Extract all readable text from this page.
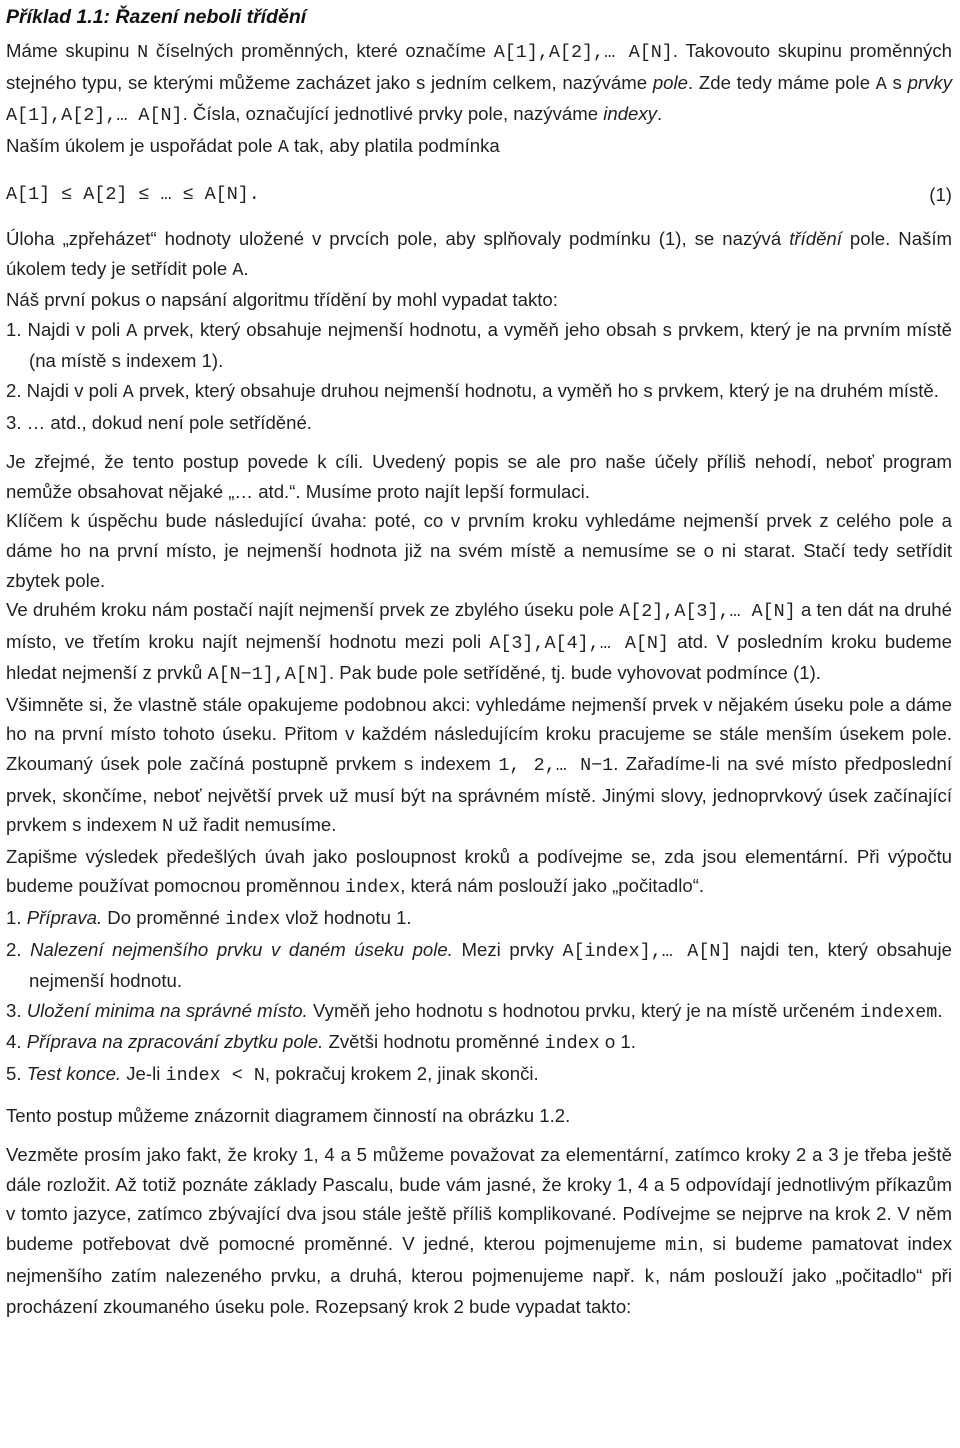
Příklad 1.1: Řazení neboli třídění

Máme skupinu N číselných proměnných, které označíme A[1],A[2],… A[N]. Takovouto skupinu proměnných stejného typu, se kterými můžeme zacházet jako s jedním celkem, nazýváme pole. Zde tedy máme pole A s prvky A[1],A[2],… A[N]. Čísla, označující jednotlivé prvky pole, nazýváme indexy.

Naším úkolem je uspořádat pole A tak, aby platila podmínka

A[1] ≤ A[2] ≤ … ≤ A[N].	(1)

Úloha „zpřeházet“ hodnoty uložené v prvcích pole, aby splňovaly podmínku (1), se nazývá třídění pole. Naším úkolem tedy je setřídit pole A.

Náš první pokus o napsání algoritmu třídění by mohl vypadat takto:

1. Najdi v poli A prvek, který obsahuje nejmenší hodnotu, a vyměň jeho obsah s prvkem, který je na prvním místě (na místě s indexem 1).
2. Najdi v poli A prvek, který obsahuje druhou nejmenší hodnotu, a vyměň ho s prvkem, který je na druhém místě.
3. … atd., dokud není pole setříděné.

Je zřejmé, že tento postup povede k cíli. Uvedený popis se ale pro naše účely příliš nehodí, neboť program nemůže obsahovat nějaké „… atd.“. Musíme proto najít lepší formulaci.

Klíčem k úspěchu bude následující úvaha: poté, co v prvním kroku vyhledáme nejmenší prvek z celého pole a dáme ho na první místo, je nejmenší hodnota již na svém místě a nemusíme se o ni starat. Stačí tedy setřídit zbytek pole.

Ve druhém kroku nám postačí najít nejmenší prvek ze zbylého úseku pole A[2],A[3],… A[N] a ten dát na druhé místo, ve třetím kroku najít nejmenší hodnotu mezi poli A[3],A[4],… A[N] atd. V posledním kroku budeme hledat nejmenší z prvků A[N−1],A[N]. Pak bude pole setříděné, tj. bude vyhovovat podmínce (1).

Všimněte si, že vlastně stále opakujeme podobnou akci: vyhledáme nejmenší prvek v nějakém úseku pole a dáme ho na první místo tohoto úseku. Přitom v každém následujícím kroku pracujeme se stále menším úsekem pole. Zkoumaný úsek pole začíná postupně prvkem s indexem 1, 2,… N−1. Zařadíme-li na své místo předposlední prvek, skončíme, neboť největší prvek už musí být na správném místě. Jinými slovy, jednoprvkový úsek začínající prvkem s indexem N už řadit nemusíme.

Zapišme výsledek předešlých úvah jako posloupnost kroků a podívejme se, zda jsou elementární. Při výpočtu budeme používat pomocnou proměnnou index, která nám poslouží jako „počitadlo“.

1. Příprava. Do proměnné index vlož hodnotu 1.
2. Nalezení nejmenšího prvku v daném úseku pole. Mezi prvky A[index],… A[N] najdi ten, který obsahuje nejmenší hodnotu.
3. Uložení minima na správné místo. Vyměň jeho hodnotu s hodnotou prvku, který je na místě určeném indexem.
4. Příprava na zpracování zbytku pole. Zvětši hodnotu proměnné index o 1.
5. Test konce. Je-li index < N, pokračuj krokem 2, jinak skonči.

Tento postup můžeme znázornit diagramem činností na obrázku 1.2.

Vezměte prosím jako fakt, že kroky 1, 4 a 5 můžeme považovat za elementární, zatímco kroky 2 a 3 je třeba ještě dále rozložit. Až totiž poznáte základy Pascalu, bude vám jasné, že kroky 1, 4 a 5 odpovídají jednotlivým příkazům v tomto jazyce, zatímco zbývající dva jsou stále ještě příliš komplikované. Podívejme se nejprve na krok 2. V něm budeme potřebovat dvě pomocné proměnné. V jedné, kterou pojmenujeme min, si budeme pamatovat index nejmenšího zatím nalezeného prvku, a druhá, kterou pojmenujeme např. k, nám poslouží jako „počitadlo“ při procházení zkoumaného úseku pole. Rozepsaný krok 2 bude vypadat takto:
